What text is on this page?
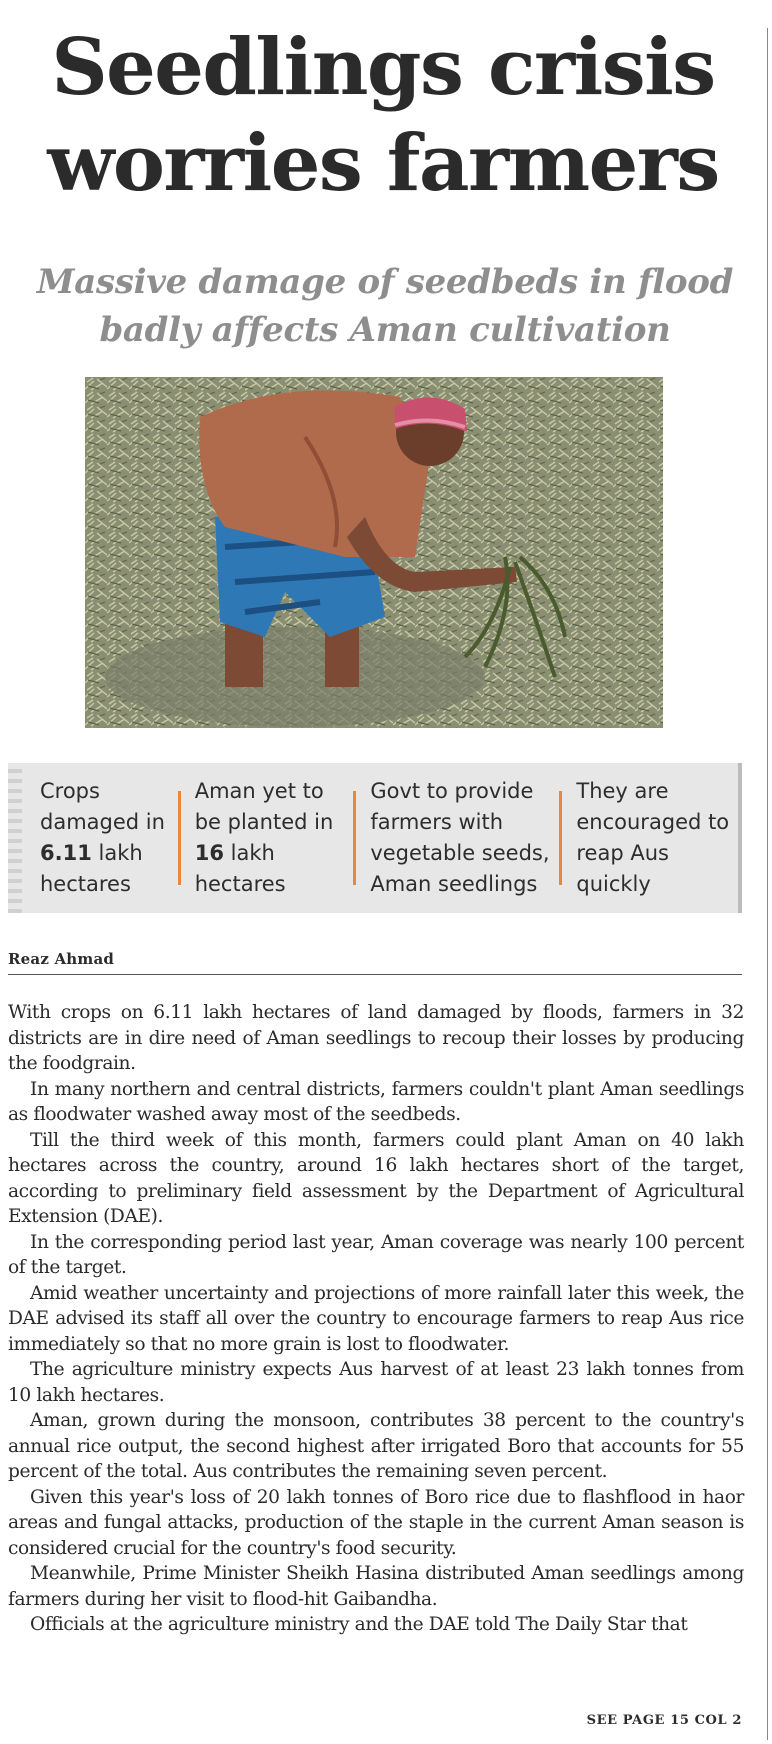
Seedlings crisis worries farmers
Massive damage of seedbeds in flood badly affects Aman cultivation

Crops damaged in 6.11 lakh hectares

Aman yet to be planted in 16 lakh hectares

Govt to provide farmers with vegetable seeds, Aman seedlings

They are encouraged to reap Aus quickly

Reaz Ahmad

With crops on 6.11 lakh hectares of land damaged by floods, farmers in 32 districts are in dire need of Aman seedlings to recoup their losses by producing the foodgrain.

In many northern and central districts, farmers couldn't plant Aman seedlings as floodwater washed away most of the seedbeds.

Till the third week of this month, farmers could plant Aman on 40 lakh hectares across the country, around 16 lakh hectares short of the target, according to preliminary field assessment by the Department of Agricultural Extension (DAE).

In the corresponding period last year, Aman coverage was nearly 100 percent of the target.

Amid weather uncertainty and projections of more rainfall later this week, the DAE advised its staff all over the country to encourage farmers to reap Aus rice immediately so that no more grain is lost to floodwater.

The agriculture ministry expects Aus harvest of at least 23 lakh tonnes from 10 lakh hectares.

Aman, grown during the monsoon, contributes 38 percent to the country's annual rice output, the second highest after irrigated Boro that accounts for 55 percent of the total. Aus contributes the remaining seven percent.

Given this year's loss of 20 lakh tonnes of Boro rice due to flashflood in haor areas and fungal attacks, production of the staple in the current Aman season is considered crucial for the country's food security.

Meanwhile, Prime Minister Sheikh Hasina distributed Aman seedlings among farmers during her visit to flood-hit Gaibandha.

Officials at the agriculture ministry and the DAE told The Daily Star that

SEE PAGE 15 COL 2
